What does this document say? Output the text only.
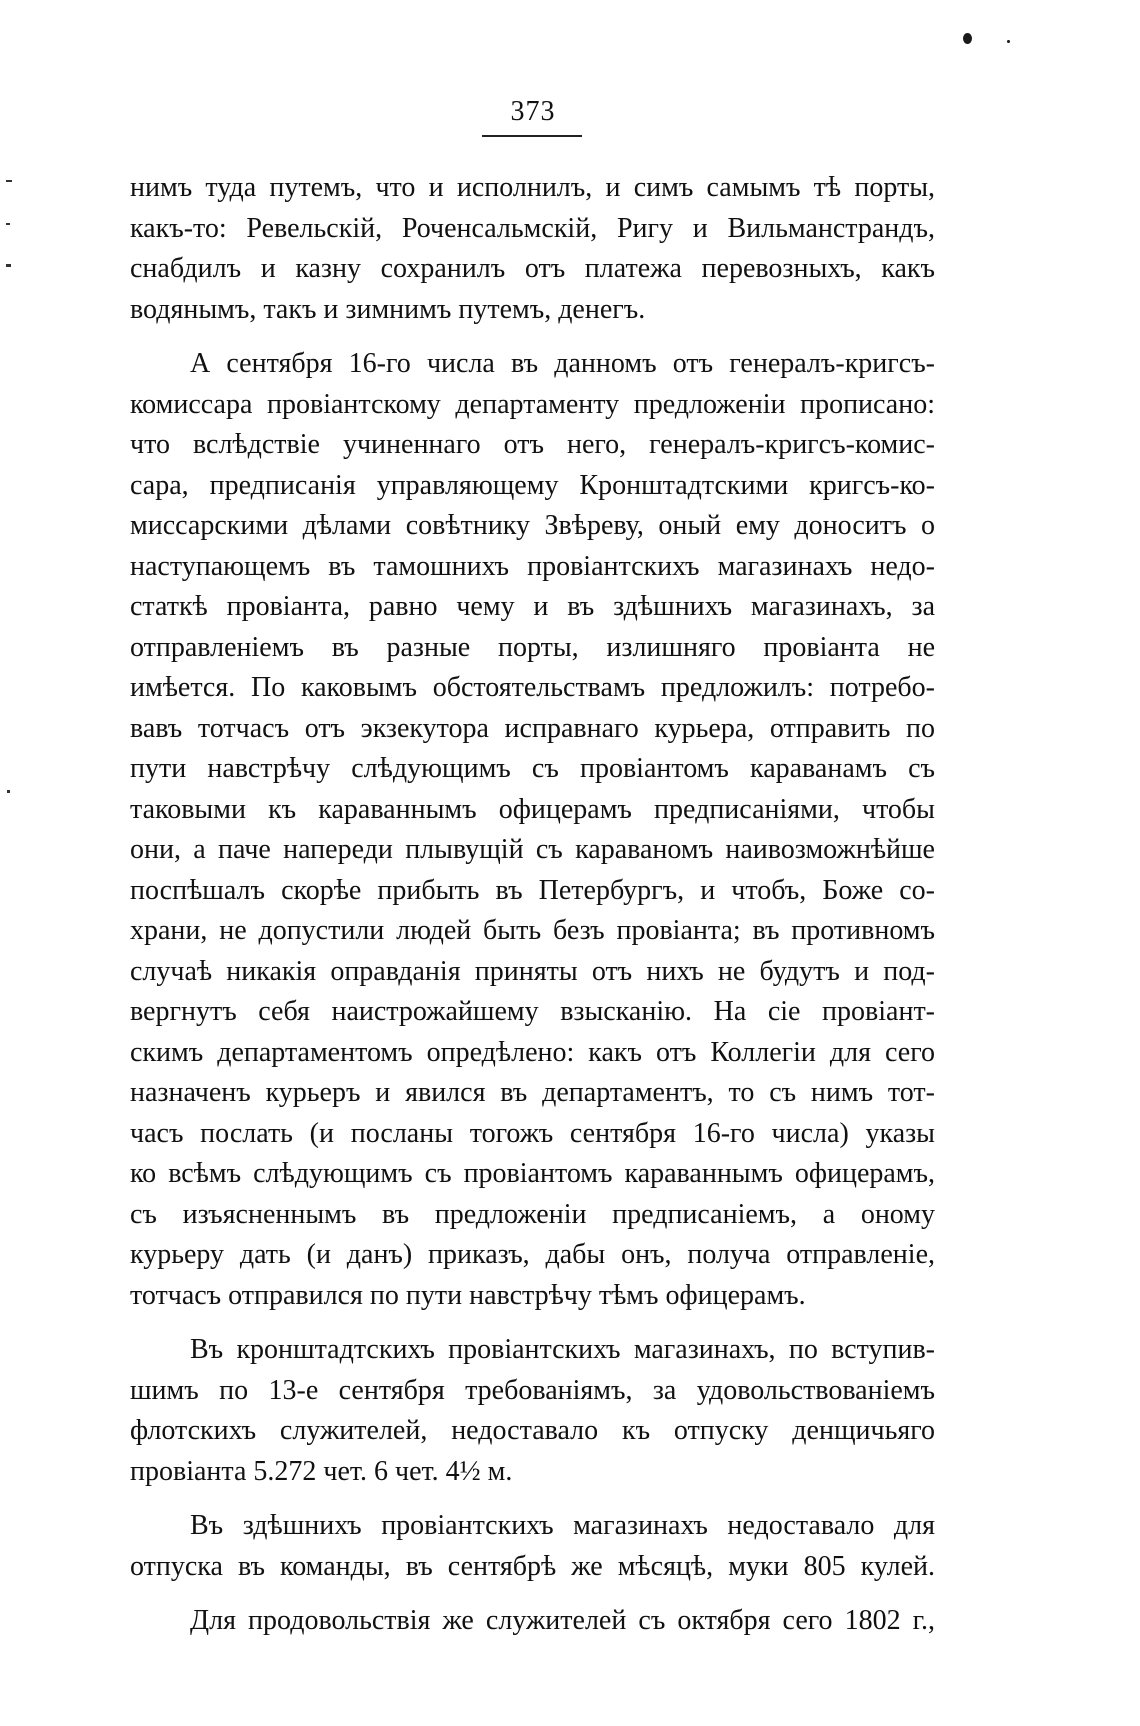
373
нимъ туда путемъ, что и исполнилъ, и симъ самымъ тѣ порты,
какъ-то: Ревельскій, Роченсальмскій, Ригу и Вильманстрандъ,
снабдилъ и казну сохранилъ отъ платежа перевозныхъ, какъ
водянымъ, такъ и зимнимъ путемъ, денегъ.
А сентября 16-го числа въ данномъ отъ генералъ-кригсъ-
комиссара провіантскому департаменту предложеніи прописано:
что вслѣдствіе учиненнаго отъ него, генералъ-кригсъ-комис-
сара, предписанія управляющему Кронштадтскими кригсъ-ко-
миссарскими дѣлами совѣтнику Звѣреву, оный ему доноситъ о
наступающемъ въ тамошнихъ провіантскихъ магазинахъ недо-
статкѣ провіанта, равно чему и въ здѣшнихъ магазинахъ, за
отправленіемъ въ разные порты, излишняго провіанта не
имѣется. По каковымъ обстоятельствамъ предложилъ: потребо-
вавъ тотчасъ отъ экзекутора исправнаго курьера, отправить по
пути навстрѣчу слѣдующимъ съ провіантомъ караванамъ съ
таковыми къ караваннымъ офицерамъ предписаніями, чтобы
они, а паче напереди плывущій съ караваномъ наивозможнѣйше
поспѣшалъ скорѣе прибыть въ Петербургъ, и чтобъ, Боже со-
храни, не допустили людей быть безъ провіанта; въ противномъ
случаѣ никакія оправданія приняты отъ нихъ не будутъ и под-
вергнутъ себя наистрожайшему взысканію. На сіе провіант-
скимъ департаментомъ опредѣлено: какъ отъ Коллегіи для сего
назначенъ курьеръ и явился въ департаментъ, то съ нимъ тот-
часъ послать (и посланы тогожъ сентября 16-го числа) указы
ко всѣмъ слѣдующимъ съ провіантомъ караваннымъ офицерамъ,
съ изъясненнымъ въ предложеніи предписаніемъ, а оному
курьеру дать (и данъ) приказъ, дабы онъ, получа отправленіе,
тотчасъ отправился по пути навстрѣчу тѣмъ офицерамъ.
Въ кронштадтскихъ провіантскихъ магазинахъ, по вступив-
шимъ по 13-е сентября требованіямъ, за удовольствованіемъ
флотскихъ служителей, недоставало къ отпуску денщичьяго
провіанта 5.272 чет. 6 чет. 4½ м.
Въ здѣшнихъ провіантскихъ магазинахъ недоставало для
отпуска въ команды, въ сентябрѣ же мѣсяцѣ, муки 805 кулей.
Для продовольствія же служителей съ октября сего 1802 г.,
